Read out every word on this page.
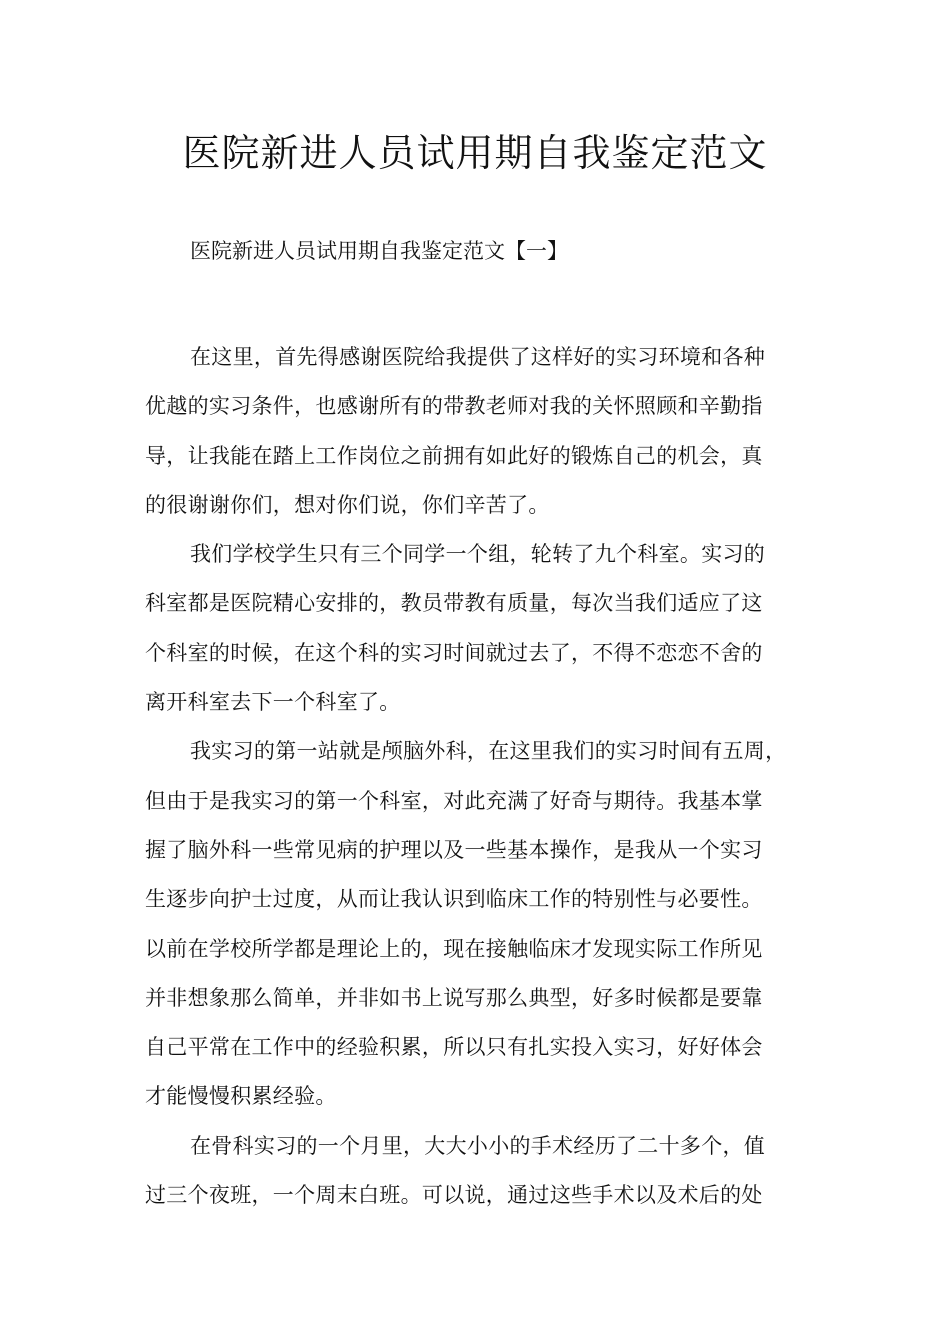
医院新进人员试用期自我鉴定范文

医院新进人员试用期自我鉴定范文【一】

在这里，首先得感谢医院给我提供了这样好的实习环境和各种
优越的实习条件，也感谢所有的带教老师对我的关怀照顾和辛勤指
导，让我能在踏上工作岗位之前拥有如此好的锻炼自己的机会，真
的很谢谢你们，想对你们说，你们辛苦了。

我们学校学生只有三个同学一个组，轮转了九个科室。实习的
科室都是医院精心安排的，教员带教有质量，每次当我们适应了这
个科室的时候，在这个科的实习时间就过去了，不得不恋恋不舍的
离开科室去下一个科室了。

我实习的第一站就是颅脑外科，在这里我们的实习时间有五周，
但由于是我实习的第一个科室，对此充满了好奇与期待。我基本掌
握了脑外科一些常见病的护理以及一些基本操作，是我从一个实习
生逐步向护士过度，从而让我认识到临床工作的特别性与必要性。
以前在学校所学都是理论上的，现在接触临床才发现实际工作所见
并非想象那么简单，并非如书上说写那么典型，好多时候都是要靠
自己平常在工作中的经验积累，所以只有扎实投入实习，好好体会
才能慢慢积累经验。

在骨科实习的一个月里，大大小小的手术经历了二十多个，值
过三个夜班，一个周末白班。可以说，通过这些手术以及术后的处
